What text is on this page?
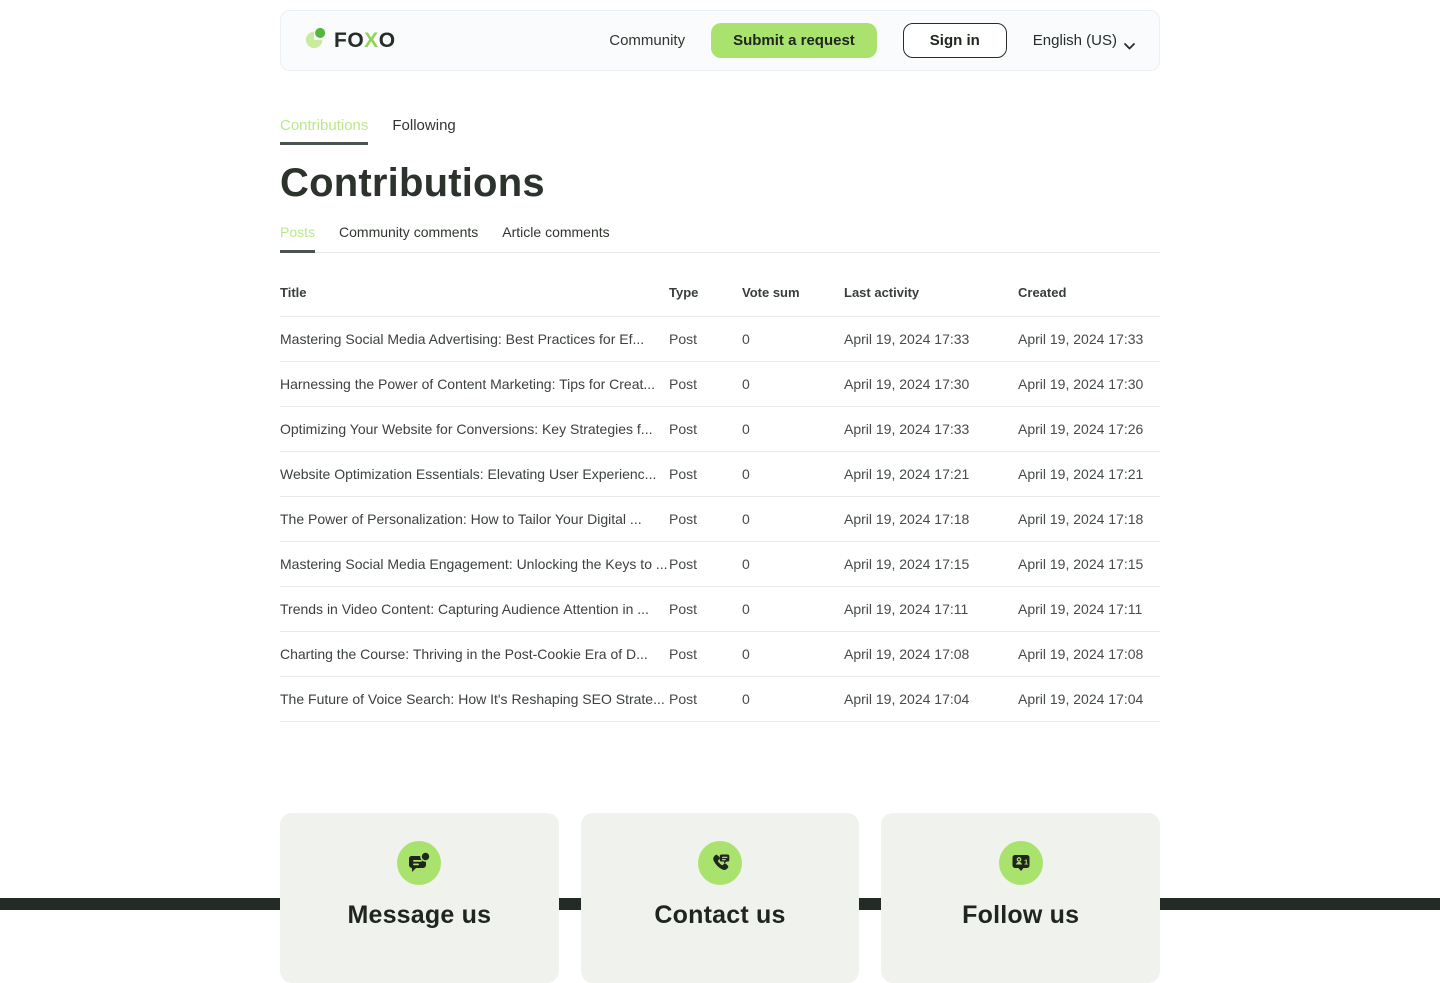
FOXO	Community	Submit a request	Sign in	English (US)
Contributions Following
Contributions
Posts Community comments Article comments
Title	Type	Vote sum	Last activity	Created
Mastering Social Media Advertising: Best Practices for Ef...	Post	0	April 19, 2024 17:33	April 19, 2024 17:33
Harnessing the Power of Content Marketing: Tips for Creat...	Post	0	April 19, 2024 17:30	April 19, 2024 17:30
Optimizing Your Website for Conversions: Key Strategies f...	Post	0	April 19, 2024 17:33	April 19, 2024 17:26
Website Optimization Essentials: Elevating User Experienc...	Post	0	April 19, 2024 17:21	April 19, 2024 17:21
The Power of Personalization: How to Tailor Your Digital ...	Post	0	April 19, 2024 17:18	April 19, 2024 17:18
Mastering Social Media Engagement: Unlocking the Keys to ...	Post	0	April 19, 2024 17:15	April 19, 2024 17:15
Trends in Video Content: Capturing Audience Attention in ...	Post	0	April 19, 2024 17:11	April 19, 2024 17:11
Charting the Course: Thriving in the Post-Cookie Era of D...	Post	0	April 19, 2024 17:08	April 19, 2024 17:08
The Future of Voice Search: How It's Reshaping SEO Strate...	Post	0	April 19, 2024 17:04	April 19, 2024 17:04
Message us	Contact us
1
Follow us
